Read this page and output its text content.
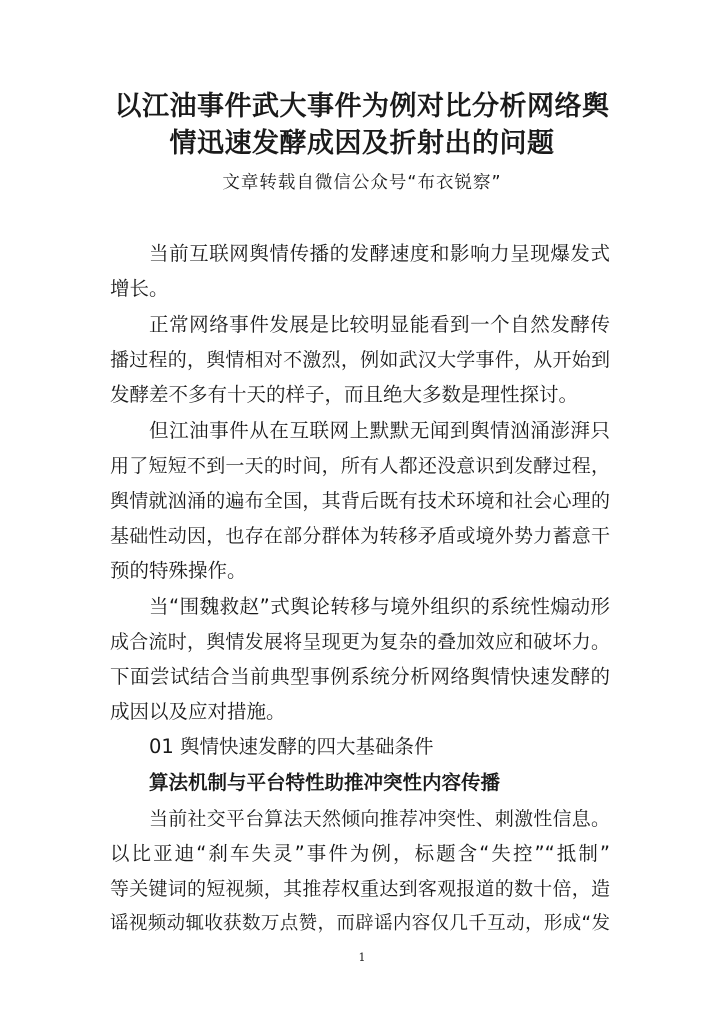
以江油事件武大事件为例对比分析网络舆
情迅速发酵成因及折射出的问题
文章转载自微信公众号“布衣锐察”
当前互联网舆情传播的发酵速度和影响力呈现爆发式
增长。
正常网络事件发展是比较明显能看到一个自然发酵传
播过程的，舆情相对不激烈，例如武汉大学事件，从开始到
发酵差不多有十天的样子，而且绝大多数是理性探讨。
但江油事件从在互联网上默默无闻到舆情汹涌澎湃只
用了短短不到一天的时间，所有人都还没意识到发酵过程，
舆情就汹涌的遍布全国，其背后既有技术环境和社会心理的
基础性动因，也存在部分群体为转移矛盾或境外势力蓄意干
预的特殊操作。
当“围魏救赵”式舆论转移与境外组织的系统性煽动形
成合流时，舆情发展将呈现更为复杂的叠加效应和破坏力。
下面尝试结合当前典型事例系统分析网络舆情快速发酵的
成因以及应对措施。
01 舆情快速发酵的四大基础条件
算法机制与平台特性助推冲突性内容传播
当前社交平台算法天然倾向推荐冲突性、刺激性信息。
以比亚迪“刹车失灵”事件为例，标题含“失控”“抵制”
等关键词的短视频，其推荐权重达到客观报道的数十倍，造
谣视频动辄收获数万点赞，而辟谣内容仅几千互动，形成“发
1
